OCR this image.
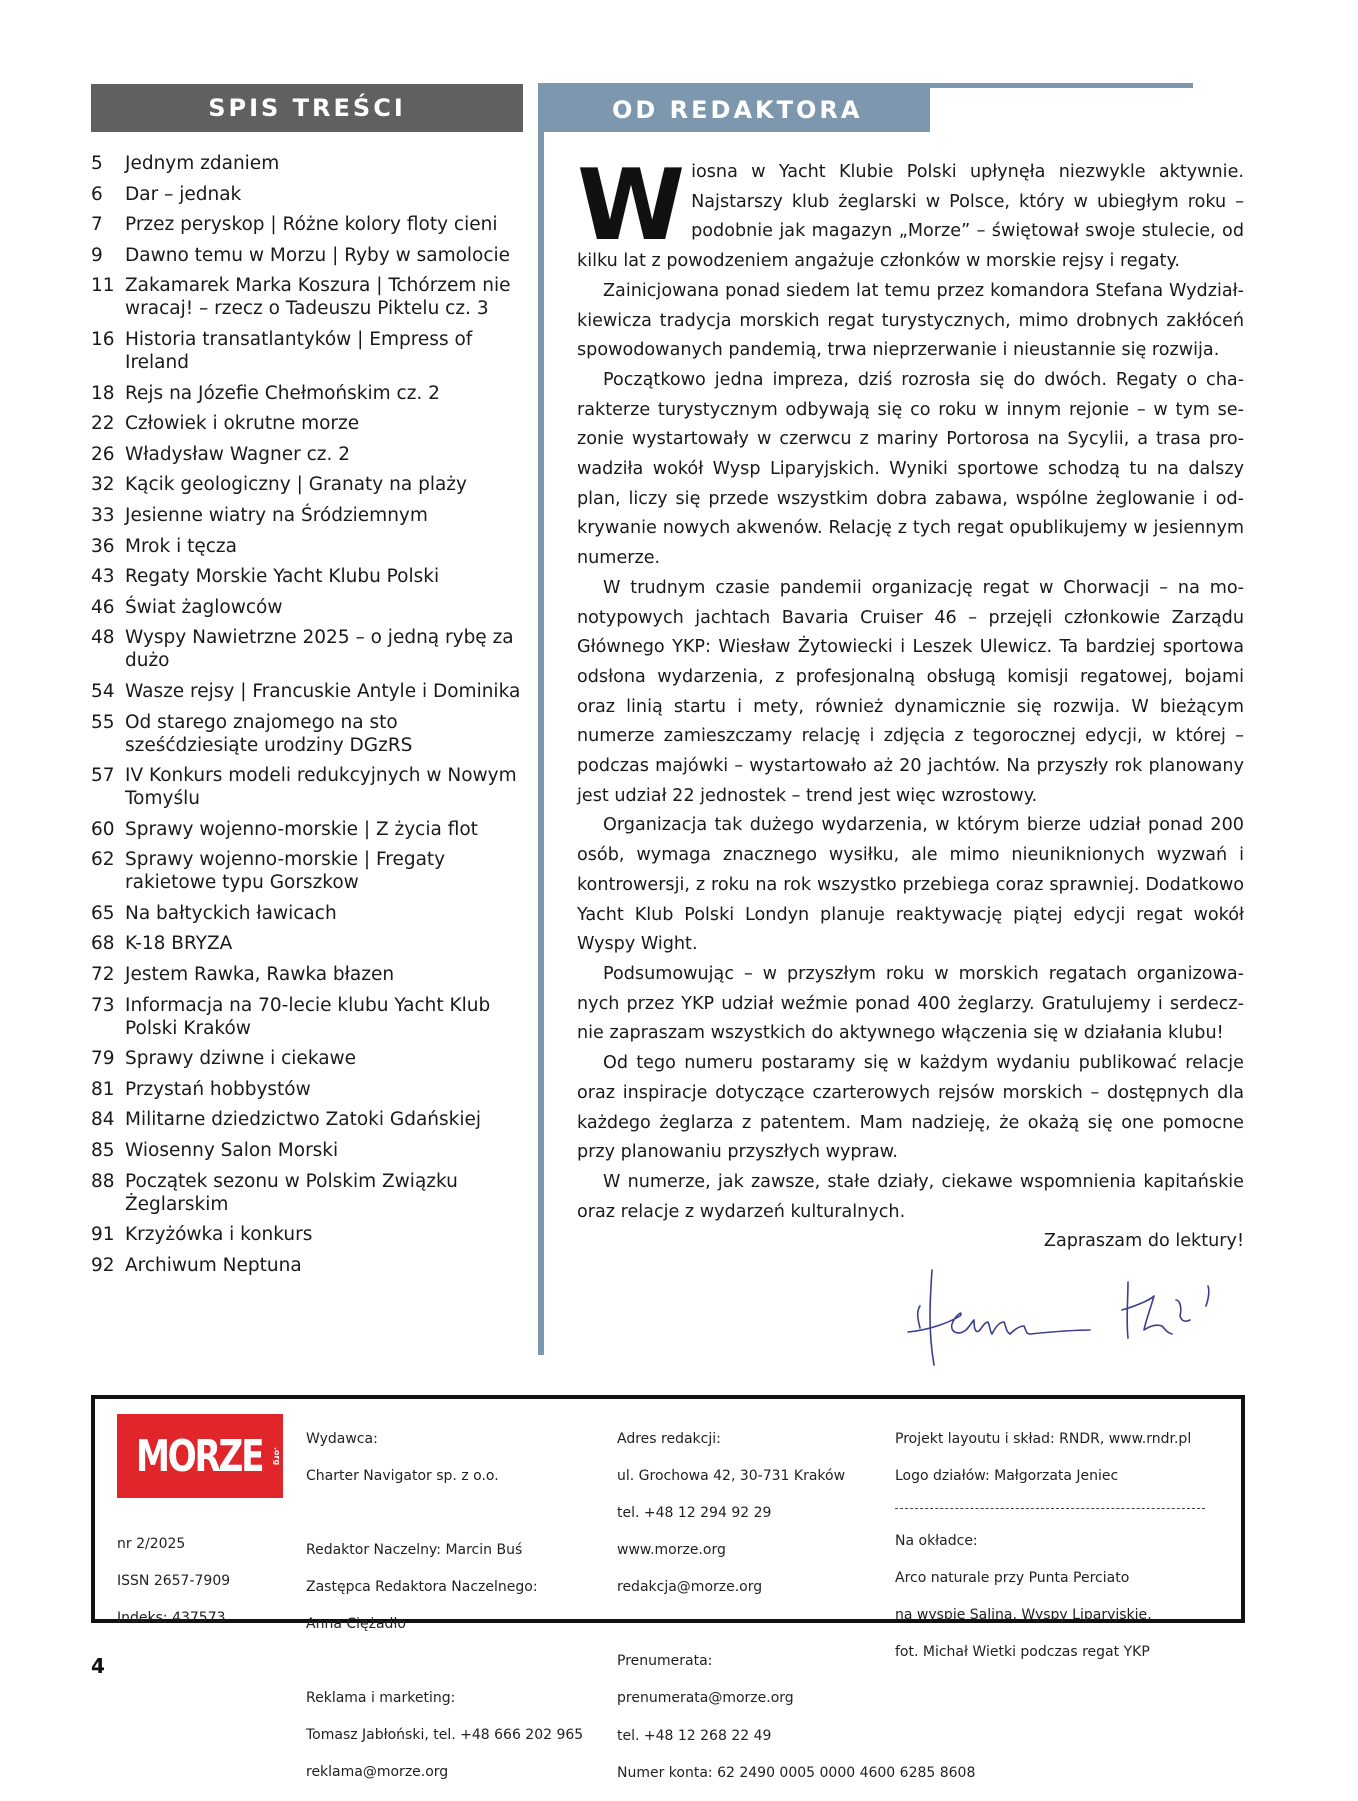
SPIS TREŚCI
5	Jednym zdaniem
6	Dar – jednak
7	Przez peryskop | Różne kolory floty cieni
9	Dawno temu w Morzu | Ryby w samolocie
11 Zakamarek Marka Koszura | Tchórzem nie wracaj! – rzecz o Tadeuszu Piktelu cz. 3
16 Historia transatlantyków | Empress of Ireland
18 Rejs na Józefie Chełmońskim cz. 2
22 Człowiek i okrutne morze
26 Władysław Wagner cz. 2
32 Kącik geologiczny | Granaty na plaży
33 Jesienne wiatry na Śródziemnym
36 Mrok i tęcza
43 Regaty Morskie Yacht Klubu Polski
46 Świat żaglowców
48 Wyspy Nawietrzne 2025 – o jedną rybę za dużo
54 Wasze rejsy | Francuskie Antyle i Dominika
55 Od starego znajomego na sto sześćdziesiąte urodziny DGzRS
57 IV Konkurs modeli redukcyjnych w Nowym Tomyślu
60 Sprawy wojenno-morskie | Z życia flot
62 Sprawy wojenno-morskie | Fregaty rakietowe typu Gorszkow
65 Na bałtyckich ławicach
68 K-18 BRYZA
72 Jestem Rawka, Rawka błazen
73 Informacja na 70-lecie klubu Yacht Klub Polski Kraków
79 Sprawy dziwne i ciekawe
81 Przystań hobbystów
84 Militarne dziedzictwo Zatoki Gdańskiej
85 Wiosenny Salon Morski
88 Początek sezonu w Polskim Związku Żeglarskim
91 Krzyżówka i konkurs
92 Archiwum Neptuna
OD REDAKTORA

Wiosna w Yacht Klubie Polski upłynęła niezwykle aktywnie. Najstarszy klub żeglarski w Polsce, który w ubiegłym roku – podobnie jak magazyn „Morze” – świętował swoje stulecie, od kilku lat z powodzeniem angażuje członków w morskie rejsy i regaty.

Zainicjowana ponad siedem lat temu przez komandora Stefana Wydziałkiewicza tradycja morskich regat turystycznych, mimo drobnych zakłóceń spowodowanych pandemią, trwa nieprzerwanie i nieustannie się rozwija.

Początkowo jedna impreza, dziś rozrosła się do dwóch. Regaty o charakterze turystycznym odbywają się co roku w innym rejonie – w tym sezonie wystartowały w czerwcu z mariny Portorosa na Sycylii, a trasa prowadziła wokół Wysp Liparyjskich. Wyniki sportowe schodzą tu na dalszy plan, liczy się przede wszystkim dobra zabawa, wspólne żeglowanie i odkrywanie nowych akwenów. Relację z tych regat opublikujemy w jesiennym numerze.

W trudnym czasie pandemii organizację regat w Chorwacji – na monotypowych jachtach Bavaria Cruiser 46 – przejęli członkowie Zarządu Głównego YKP: Wiesław Żytowiecki i Leszek Ulewicz. Ta bardziej sportowa odsłona wydarzenia, z profesjonalną obsługą komisji regatowej, bojami oraz linią startu i mety, również dynamicznie się rozwija. W bieżącym numerze zamieszczamy relację i zdjęcia z tegorocznej edycji, w której – podczas majówki – wystartowało aż 20 jachtów. Na przyszły rok planowany jest udział 22 jednostek – trend jest więc wzrostowy.

Organizacja tak dużego wydarzenia, w którym bierze udział ponad 200 osób, wymaga znacznego wysiłku, ale mimo nieuniknionych wyzwań i kontrowersji, z roku na rok wszystko przebiega coraz sprawniej. Dodatkowo Yacht Klub Polski Londyn planuje reaktywację piątej edycji regat wokół Wyspy Wight.

Podsumowując – w przyszłym roku w morskich regatach organizowanych przez YKP udział weźmie ponad 400 żeglarzy. Gratulujemy i serdecznie zapraszam wszystkich do aktywnego włączenia się w działania klubu!

Od tego numeru postaramy się w każdym wydaniu publikować relacje oraz inspiracje dotyczące czarterowych rejsów morskich – dostępnych dla każdego żeglarza z patentem. Mam nadzieję, że okażą się one pomocne przy planowaniu przyszłych wypraw.

W numerze, jak zawsze, stałe działy, ciekawe wspomnienia kapitańskie oraz relacje z wydarzeń kulturalnych.

Zapraszam do lektury!

MORZE .org

nr 2/2025

ISSN 2657-7909

Indeks: 437573

Wydawca:

Charter Navigator sp. z o.o.

Redaktor Naczelny: Marcin Buś

Zastępca Redaktora Naczelnego:

Anna Ciężadło

Reklama i marketing:

Tomasz Jabłoński, tel. +48 666 202 965

reklama@morze.org

Adres redakcji:

ul. Grochowa 42, 30-731 Kraków

tel. +48 12 294 92 29

www.morze.org

redakcja@morze.org

Prenumerata:

prenumerata@morze.org

tel. +48 12 268 22 49

Numer konta: 62 2490 0005 0000 4600 6285 8608

Projekt layoutu i skład: RNDR, www.rndr.pl

Logo działów: Małgorzata Jeniec

Na okładce:

Arco naturale przy Punta Perciato

na wyspie Salina, Wyspy Liparyjskie,

fot. Michał Wietki podczas regat YKP

4
